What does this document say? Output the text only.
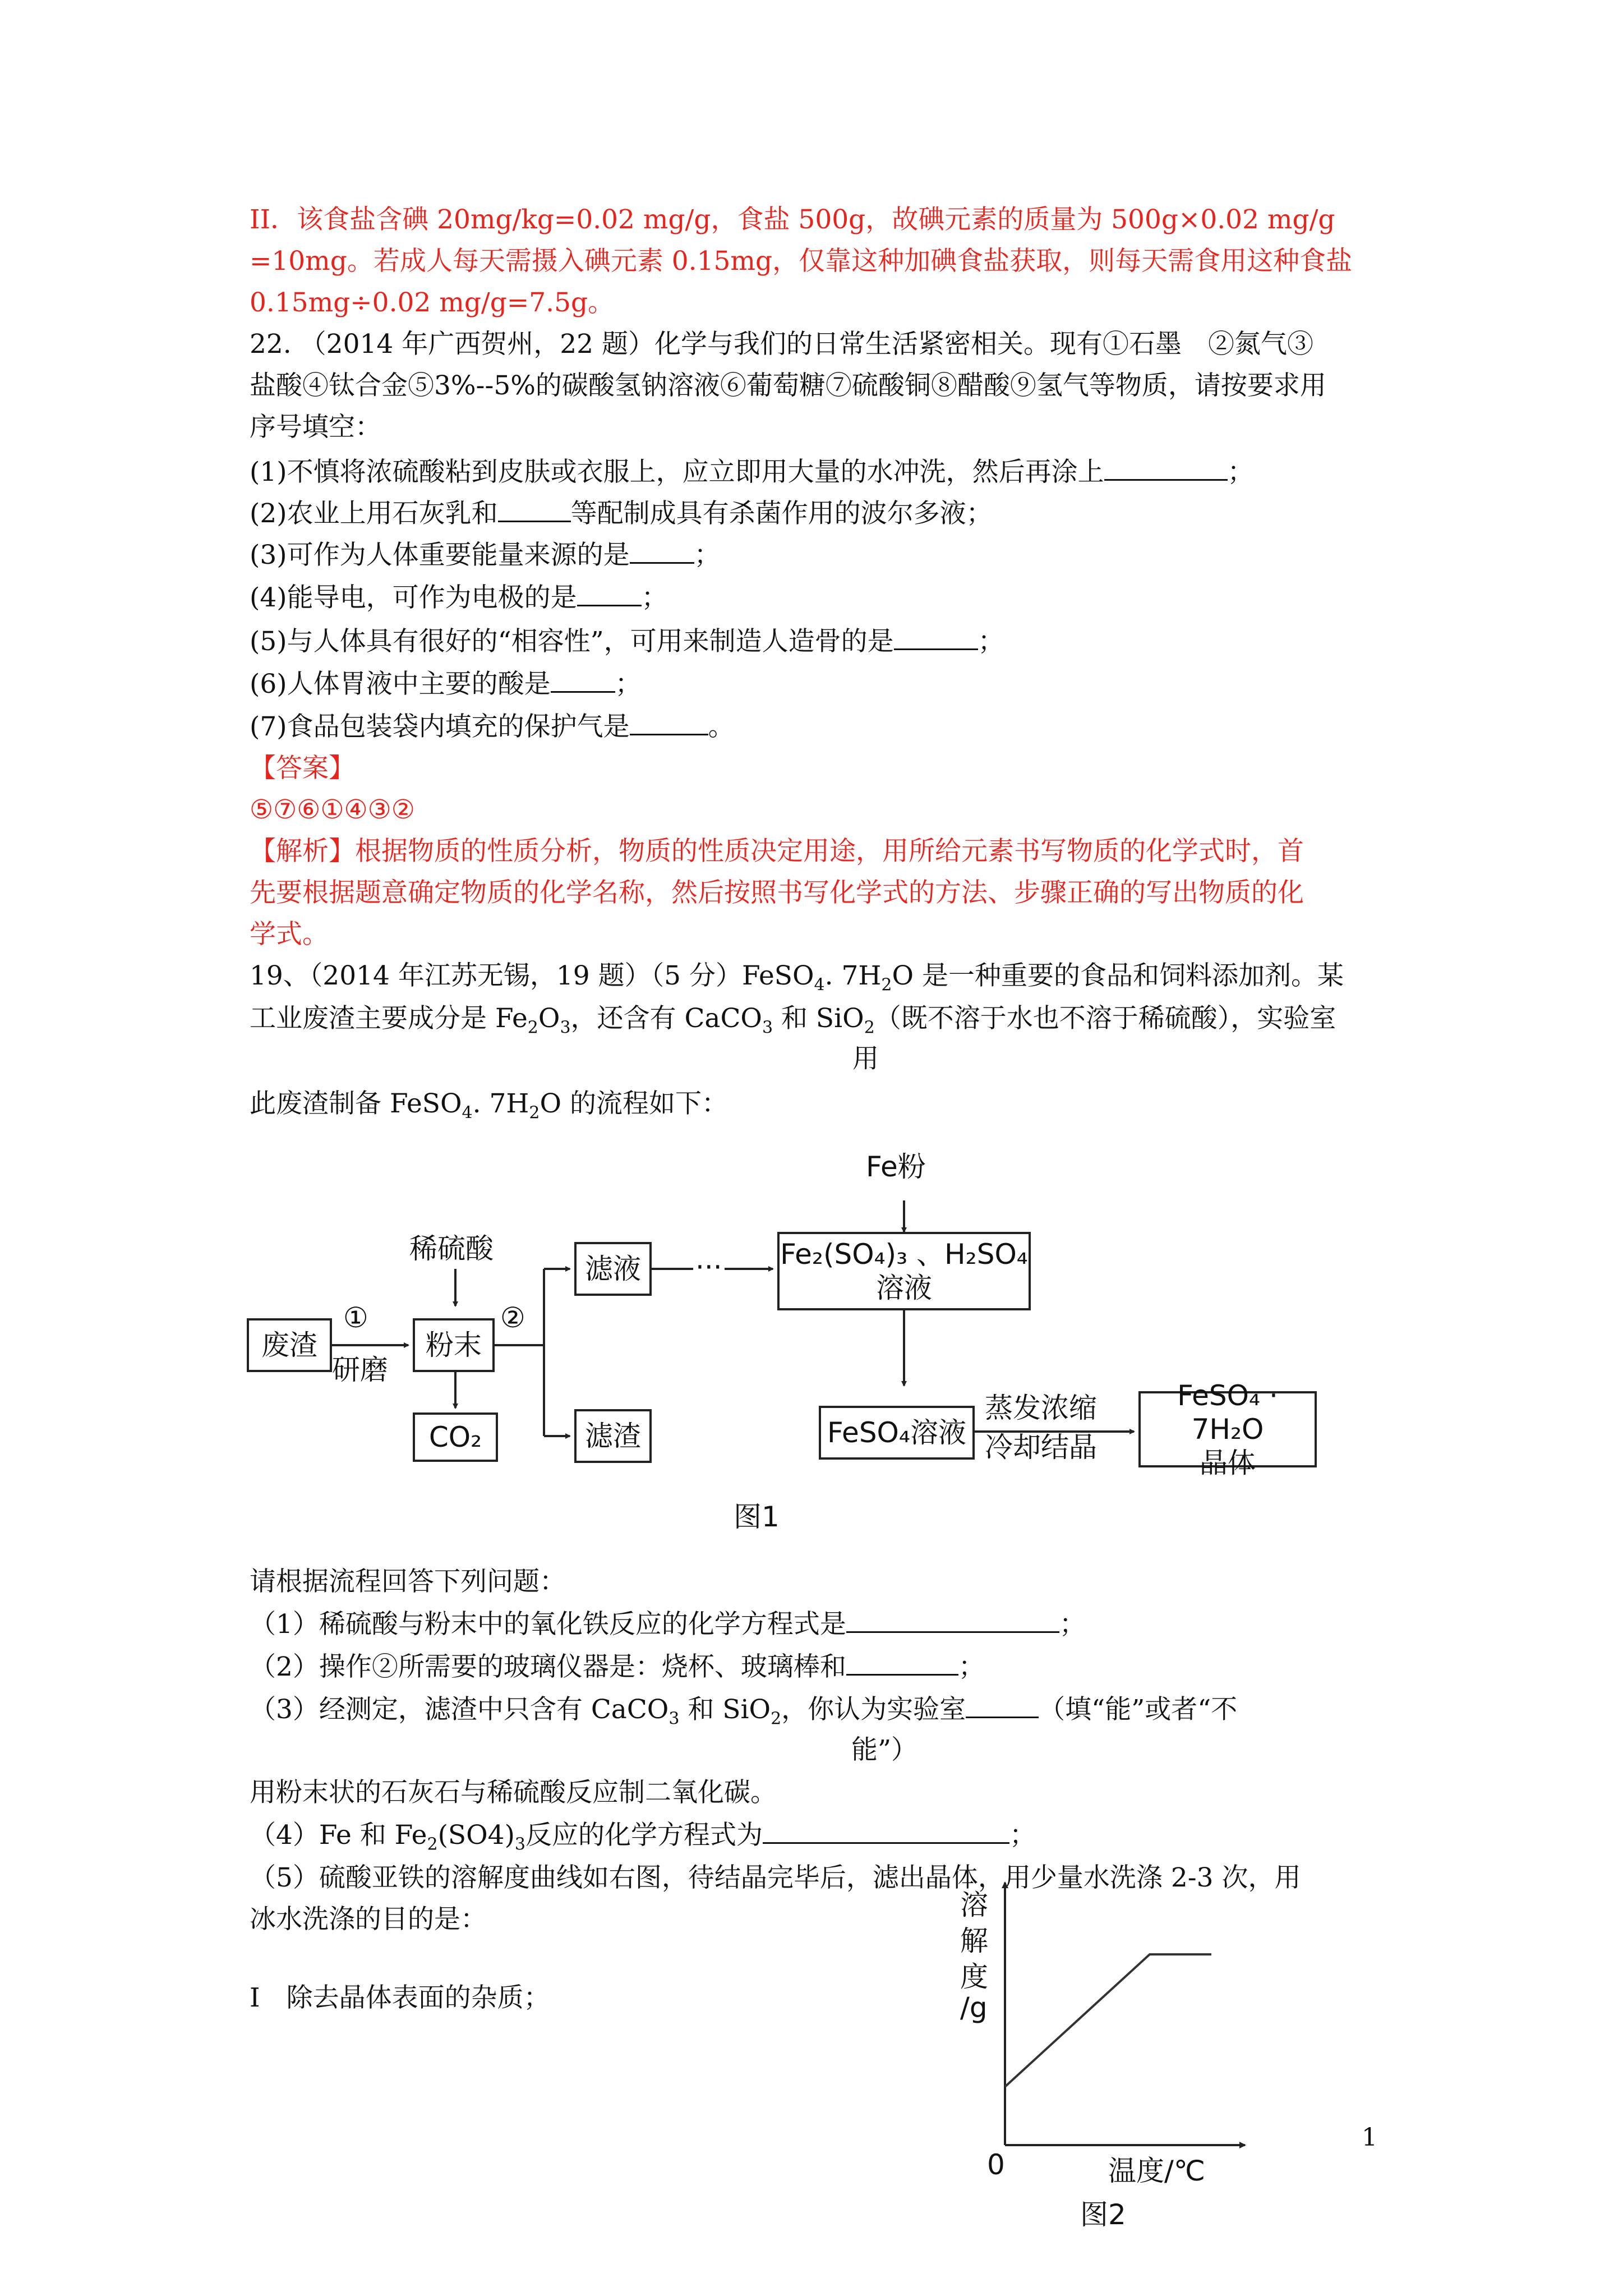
II．该食盐含碘 20mg/kg=0.02 mg/g，食盐 500g，故碘元素的质量为 500g×0.02 mg/g
=10mg。若成人每天需摄入碘元素 0.15mg，仅靠这种加碘食盐获取，则每天需食用这种食盐
0.15mg÷0.02 mg/g=7.5g。
22. （2014 年广西贺州，22 题）化学与我们的日常生活紧密相关。现有①石墨　②氮气③
盐酸④钛合金⑤3%--5%的碳酸氢钠溶液⑥葡萄糖⑦硫酸铜⑧醋酸⑨氢气等物质，请按要求用
序号填空：
(1)不慎将浓硫酸粘到皮肤或衣服上，应立即用大量的水冲洗，然后再涂上	；
(2)农业上用石灰乳和	等配制成具有杀菌作用的波尔多液；
(3)可作为人体重要能量来源的是 ；
(4)能导电，可作为电极的是 ；
(5)与人体具有很好的“相容性”，可用来制造人造骨的是	；
(6)人体胃液中主要的酸是 ；
(7)食品包装袋内填充的保护气是	。
【答案】
⑤⑦⑥①④③②
【解析】根据物质的性质分析，物质的性质决定用途，用所给元素书写物质的化学式时，首
先要根据题意确定物质的化学名称，然后按照书写化学式的方法、步骤正确的写出物质的化
学式。
19、（2014 年江苏无锡，19 题）（5 分）FeSO$_4$. $7H_2O$ 是一种重要的食品和饲料添加剂。某
工业废渣主要成分是 $Fe_2O_3$，还含有 CaCO$_3$ 和 SiO$_2$（既不溶于水也不溶于稀硫酸），实验室
用
此废渣制备 FeSO$_4$. $7H_2O$ 的流程如下：
Fe粉
稀硫酸
废渣
①
研磨
粉末
②
滤液	··· Fe₂(SO₄)₃ 、H₂SO₄
溶液
滤渣
CO₂	FeSO₄溶液
蒸发浓缩
冷却结晶
FeSO₄ · 7H₂O
晶体
图1
请根据流程回答下列问题：
（1）稀硫酸与粉末中的氧化铁反应的化学方程式是	；
（2）操作②所需要的玻璃仪器是：烧杯、玻璃棒和	；
（3）经测定，滤渣中只含有 CaCO$_3$ 和 SiO$_2$，你认为实验室	（填“能”或者“不
能”）
用粉末状的石灰石与稀硫酸反应制二氧化碳。
（4）Fe 和 $Fe_2(SO4)_3$反应的化学方程式为	；
（5）硫酸亚铁的溶解度曲线如右图，待结晶完毕后，滤出晶体，用少量水洗涤 2-3 次，用
冰水洗涤的目的是：
Ⅰ　除去晶体表面的杂质；
溶
解
度
/g
0	温度/℃
图2
1
